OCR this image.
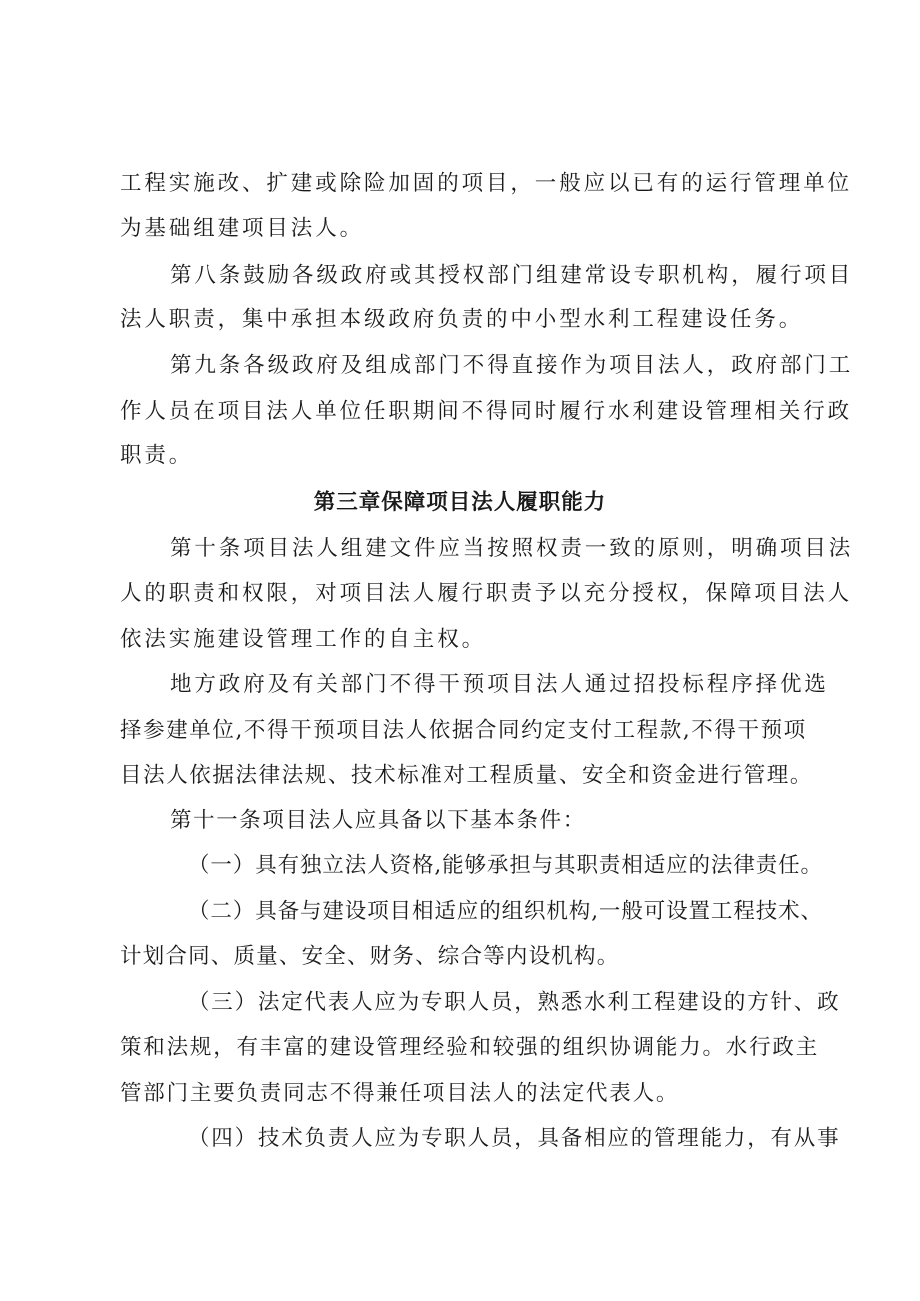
工程实施改、扩建或除险加固的项目，一般应以已有的运行管理单位
为基础组建项目法人。
第八条鼓励各级政府或其授权部门组建常设专职机构，履行项目
法人职责，集中承担本级政府负责的中小型水利工程建设任务。
第九条各级政府及组成部门不得直接作为项目法人，政府部门工
作人员在项目法人单位任职期间不得同时履行水利建设管理相关行政
职责。
第三章保障项目法人履职能力
第十条项目法人组建文件应当按照权责一致的原则，明确项目法
人的职责和权限，对项目法人履行职责予以充分授权，保障项目法人
依法实施建设管理工作的自主权。
地方政府及有关部门不得干预项目法人通过招投标程序择优选
择参建单位,不得干预项目法人依据合同约定支付工程款,不得干预项
目法人依据法律法规、技术标准对工程质量、安全和资金进行管理。
第十一条项目法人应具备以下基本条件：
（一）具有独立法人资格,能够承担与其职责相适应的法律责任。
（二）具备与建设项目相适应的组织机构,一般可设置工程技术、
计划合同、质量、安全、财务、综合等内设机构。
（三）法定代表人应为专职人员，熟悉水利工程建设的方针、政
策和法规，有丰富的建设管理经验和较强的组织协调能力。水行政主
管部门主要负责同志不得兼任项目法人的法定代表人。
（四）技术负责人应为专职人员，具备相应的管理能力，有从事
